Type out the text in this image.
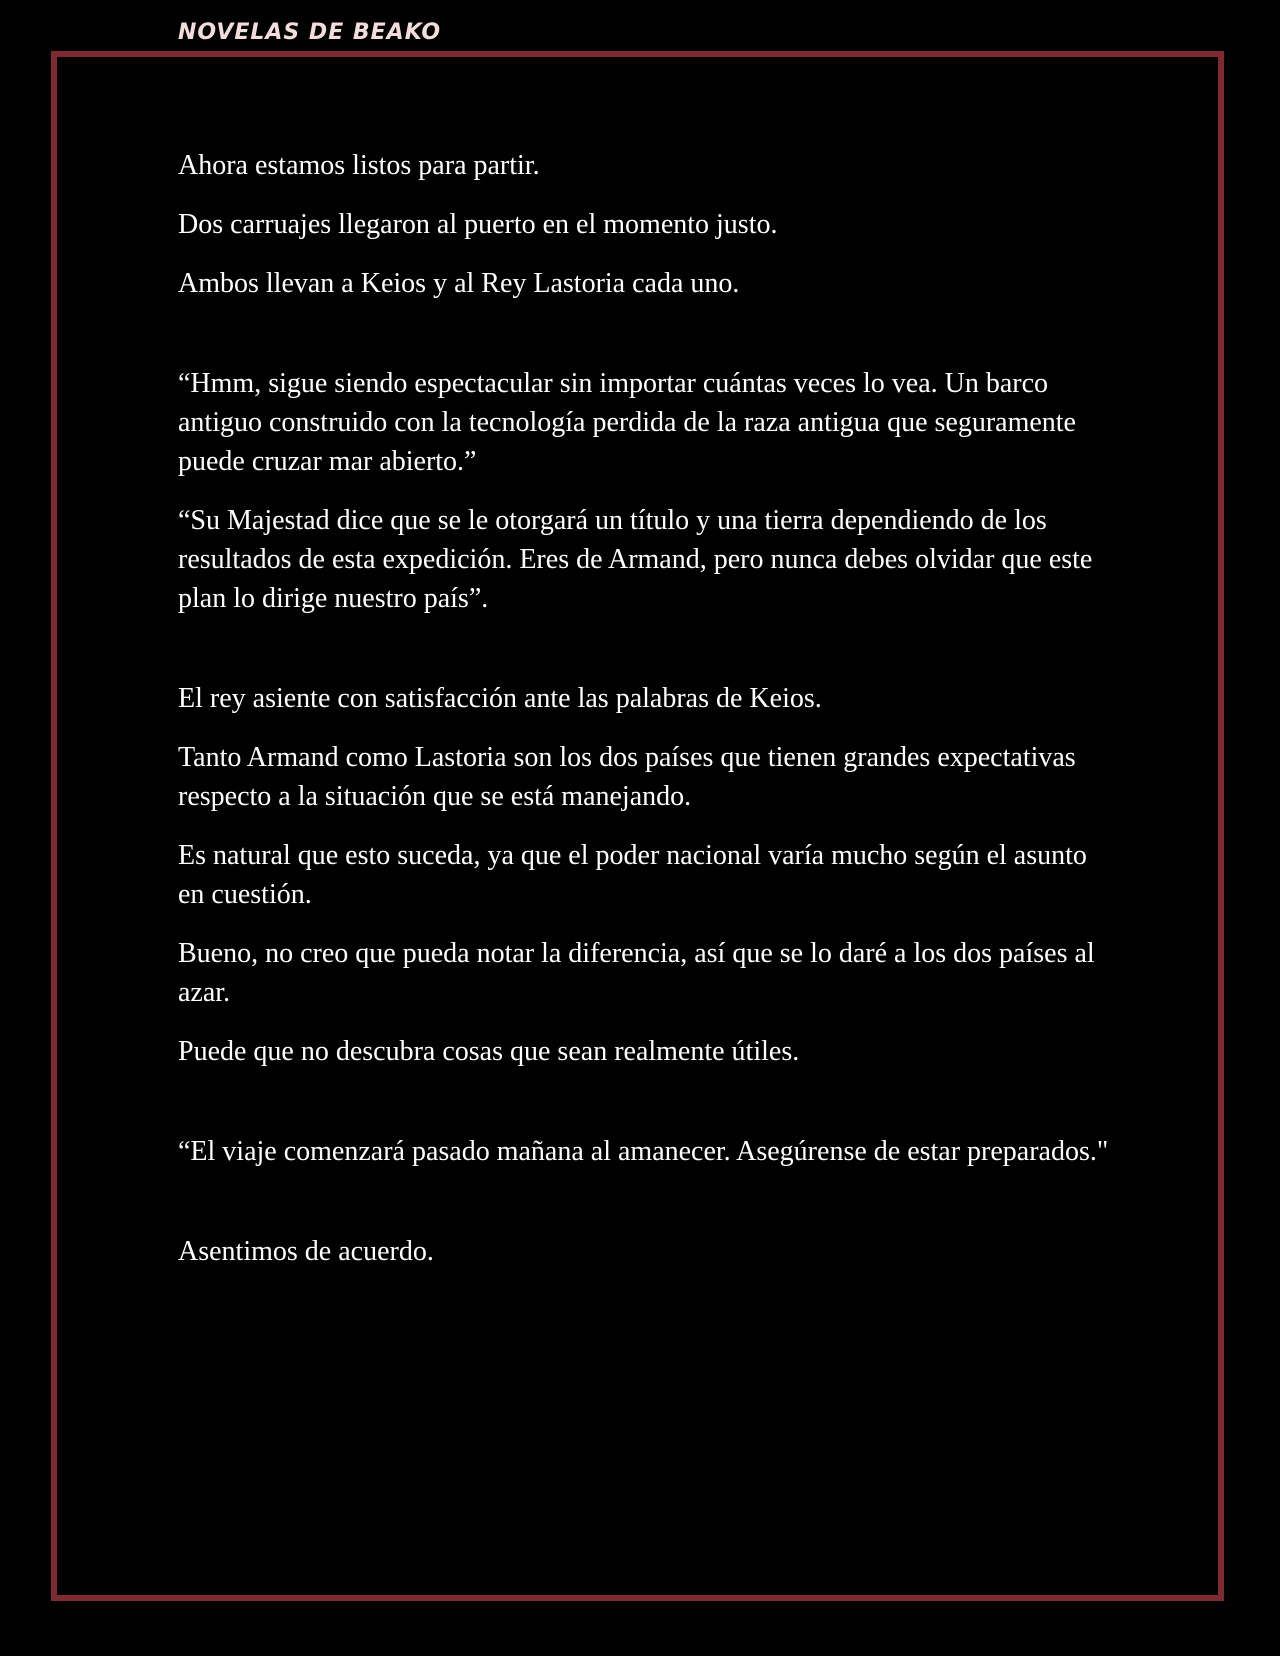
NOVELAS DE BEAKO

Ahora estamos listos para partir.

Dos carruajes llegaron al puerto en el momento justo.

Ambos llevan a Keios y al Rey Lastoria cada uno.

“Hmm, sigue siendo espectacular sin importar cuántas veces lo vea. Un barco antiguo construido con la tecnología perdida de la raza antigua que seguramente puede cruzar mar abierto.”

“Su Majestad dice que se le otorgará un título y una tierra dependiendo de los resultados de esta expedición. Eres de Armand, pero nunca debes olvidar que este plan lo dirige nuestro país”.

El rey asiente con satisfacción ante las palabras de Keios.

Tanto Armand como Lastoria son los dos países que tienen grandes expectativas respecto a la situación que se está manejando.

Es natural que esto suceda, ya que el poder nacional varía mucho según el asunto en cuestión.

Bueno, no creo que pueda notar la diferencia, así que se lo daré a los dos países al azar.

Puede que no descubra cosas que sean realmente útiles.

“El viaje comenzará pasado mañana al amanecer. Asegúrense de estar preparados."

Asentimos de acuerdo.
